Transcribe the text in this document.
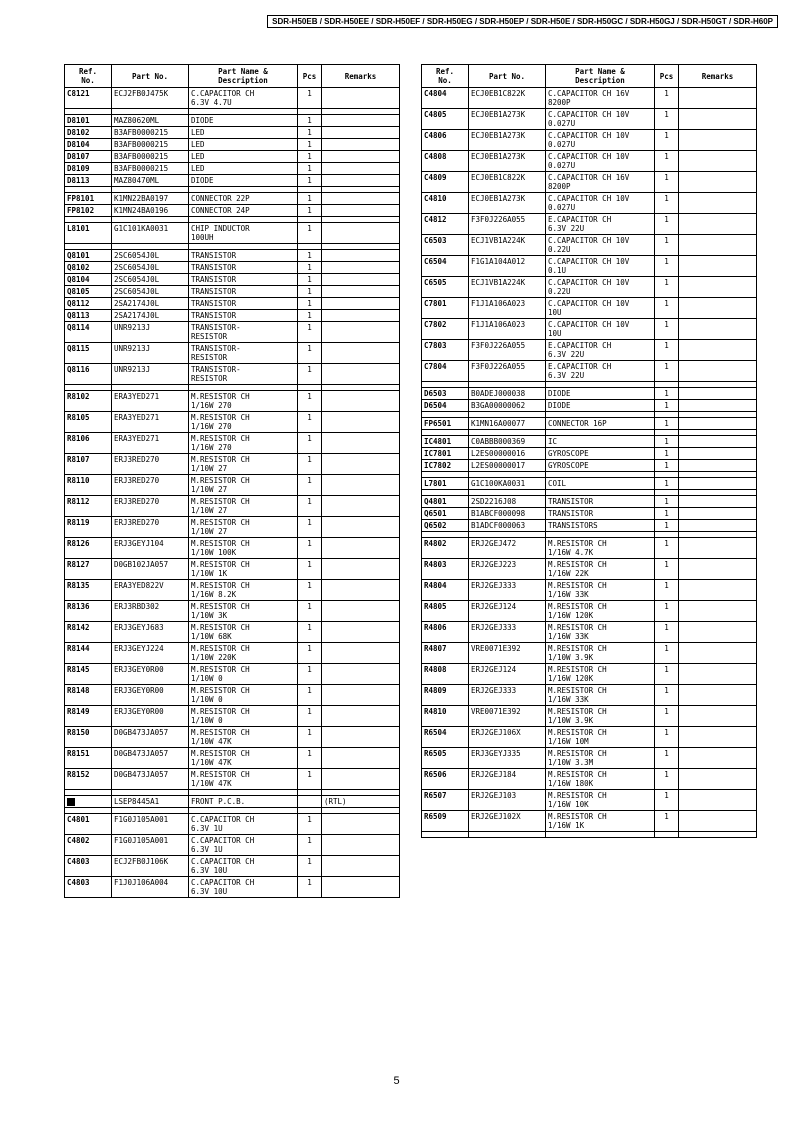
SDR-H50EB / SDR-H50EE / SDR-H50EF / SDR-H50EG / SDR-H50EP / SDR-H50E / SDR-H50GC / SDR-H50GJ / SDR-H50GT / SDR-H60P
Ref.
No.	Part No.	Part Name &
Description	Pcs	Remarks
C8121	ECJ2FB0J475K	C.CAPACITOR CH
6.3V 4.7U	1	

D8101	MAZ80620ML	DIODE	1	
D8102	B3AFB0000215	LED	1	
D8104	B3AFB0000215	LED	1	
D8107	B3AFB0000215	LED	1	
D8109	B3AFB0000215	LED	1	
D8113	MAZ80470ML	DIODE	1	

FP8101	K1MN22BA0197	CONNECTOR 22P	1	
FP8102	K1MN24BA0196	CONNECTOR 24P	1	

L8101	G1C101KA0031	CHIP INDUCTOR
100UH	1	

Q8101	2SC6054J0L	TRANSISTOR	1	
Q8102	2SC6054J0L	TRANSISTOR	1	
Q8104	2SC6054J0L	TRANSISTOR	1	
Q8105	2SC6054J0L	TRANSISTOR	1	
Q8112	2SA2174J0L	TRANSISTOR	1	
Q8113	2SA2174J0L	TRANSISTOR	1	
Q8114	UNR9213J	TRANSISTOR-
RESISTOR	1	
Q8115	UNR9213J	TRANSISTOR-
RESISTOR	1	
Q8116	UNR9213J	TRANSISTOR-
RESISTOR	1	

R8102	ERA3YED271	M.RESISTOR CH
1/16W 270	1	
R8105	ERA3YED271	M.RESISTOR CH
1/16W 270	1	
R8106	ERA3YED271	M.RESISTOR CH
1/16W 270	1	
R8107	ERJ3RED270	M.RESISTOR CH
1/10W 27	1	
R8110	ERJ3RED270	M.RESISTOR CH
1/10W 27	1	
R8112	ERJ3RED270	M.RESISTOR CH
1/10W 27	1	
R8119	ERJ3RED270	M.RESISTOR CH
1/10W 27	1	
R8126	ERJ3GEYJ104	M.RESISTOR CH
1/10W 100K	1	
R8127	D0GB102JA057	M.RESISTOR CH
1/10W 1K	1	
R8135	ERA3YED822V	M.RESISTOR CH
1/16W 8.2K	1	
R8136	ERJ3RBD302	M.RESISTOR CH
1/10W 3K	1	
R8142	ERJ3GEYJ683	M.RESISTOR CH
1/10W 68K	1	
R8144	ERJ3GEYJ224	M.RESISTOR CH
1/10W 220K	1	
R8145	ERJ3GEY0R00	M.RESISTOR CH
1/10W 0	1	
R8148	ERJ3GEY0R00	M.RESISTOR CH
1/10W 0	1	
R8149	ERJ3GEY0R00	M.RESISTOR CH
1/10W 0	1	
R8150	D0GB473JA057	M.RESISTOR CH
1/10W 47K	1	
R8151	D0GB473JA057	M.RESISTOR CH
1/10W 47K	1	
R8152	D0GB473JA057	M.RESISTOR CH
1/10W 47K	1	

	LSEP8445A1	FRONT P.C.B.		(RTL)

C4801	F1G0J105A001	C.CAPACITOR CH
6.3V 1U	1	
C4802	F1G0J105A001	C.CAPACITOR CH
6.3V 1U	1	
C4803	ECJ2FB0J106K	C.CAPACITOR CH
6.3V 10U	1	
C4803	F1J0J106A004	C.CAPACITOR CH
6.3V 10U	1	
Ref.
No.	Part No.	Part Name &
Description	Pcs	Remarks
C4804	ECJ0EB1C822K	C.CAPACITOR CH 16V
8200P	1	
C4805	ECJ0EB1A273K	C.CAPACITOR CH 10V
0.027U	1	
C4806	ECJ0EB1A273K	C.CAPACITOR CH 10V
0.027U	1	
C4808	ECJ0EB1A273K	C.CAPACITOR CH 10V
0.027U	1	
C4809	ECJ0EB1C822K	C.CAPACITOR CH 16V
8200P	1	
C4810	ECJ0EB1A273K	C.CAPACITOR CH 10V
0.027U	1	
C4812	F3F0J226A055	E.CAPACITOR CH
6.3V 22U	1	
C6503	ECJ1VB1A224K	C.CAPACITOR CH 10V
0.22U	1	
C6504	F1G1A104A012	C.CAPACITOR CH 10V
0.1U	1	
C6505	ECJ1VB1A224K	C.CAPACITOR CH 10V
0.22U	1	
C7801	F1J1A106A023	C.CAPACITOR CH 10V
10U	1	
C7802	F1J1A106A023	C.CAPACITOR CH 10V
10U	1	
C7803	F3F0J226A055	E.CAPACITOR CH
6.3V 22U	1	
C7804	F3F0J226A055	E.CAPACITOR CH
6.3V 22U	1	

D6503	B0ADEJ000038	DIODE	1	
D6504	B3GA00000062	DIODE	1	

FP6501	K1MN16A00077	CONNECTOR 16P	1	

IC4801	C0ABBB000369	IC	1	
IC7801	L2ES00000016	GYROSCOPE	1	
IC7802	L2ES00000017	GYROSCOPE	1	

L7801	G1C100KA0031	COIL	1	

Q4801	2SD2216J08	TRANSISTOR	1	
Q6501	B1ABCF000098	TRANSISTOR	1	
Q6502	B1ADCF000063	TRANSISTORS	1	

R4802	ERJ2GEJ472	M.RESISTOR CH
1/16W 4.7K	1	
R4803	ERJ2GEJ223	M.RESISTOR CH
1/16W 22K	1	
R4804	ERJ2GEJ333	M.RESISTOR CH
1/16W 33K	1	
R4805	ERJ2GEJ124	M.RESISTOR CH
1/16W 120K	1	
R4806	ERJ2GEJ333	M.RESISTOR CH
1/16W 33K	1	
R4807	VRE0071E392	M.RESISTOR CH
1/10W 3.9K	1	
R4808	ERJ2GEJ124	M.RESISTOR CH
1/16W 120K	1	
R4809	ERJ2GEJ333	M.RESISTOR CH
1/16W 33K	1	
R4810	VRE0071E392	M.RESISTOR CH
1/10W 3.9K	1	
R6504	ERJ2GEJ106X	M.RESISTOR CH
1/16W 10M	1	
R6505	ERJ3GEYJ335	M.RESISTOR CH
1/10W 3.3M	1	
R6506	ERJ2GEJ184	M.RESISTOR CH
1/16W 180K	1	
R6507	ERJ2GEJ103	M.RESISTOR CH
1/16W 10K	1	
R6509	ERJ2GEJ102X	M.RESISTOR CH
1/16W 1K	1	

5
